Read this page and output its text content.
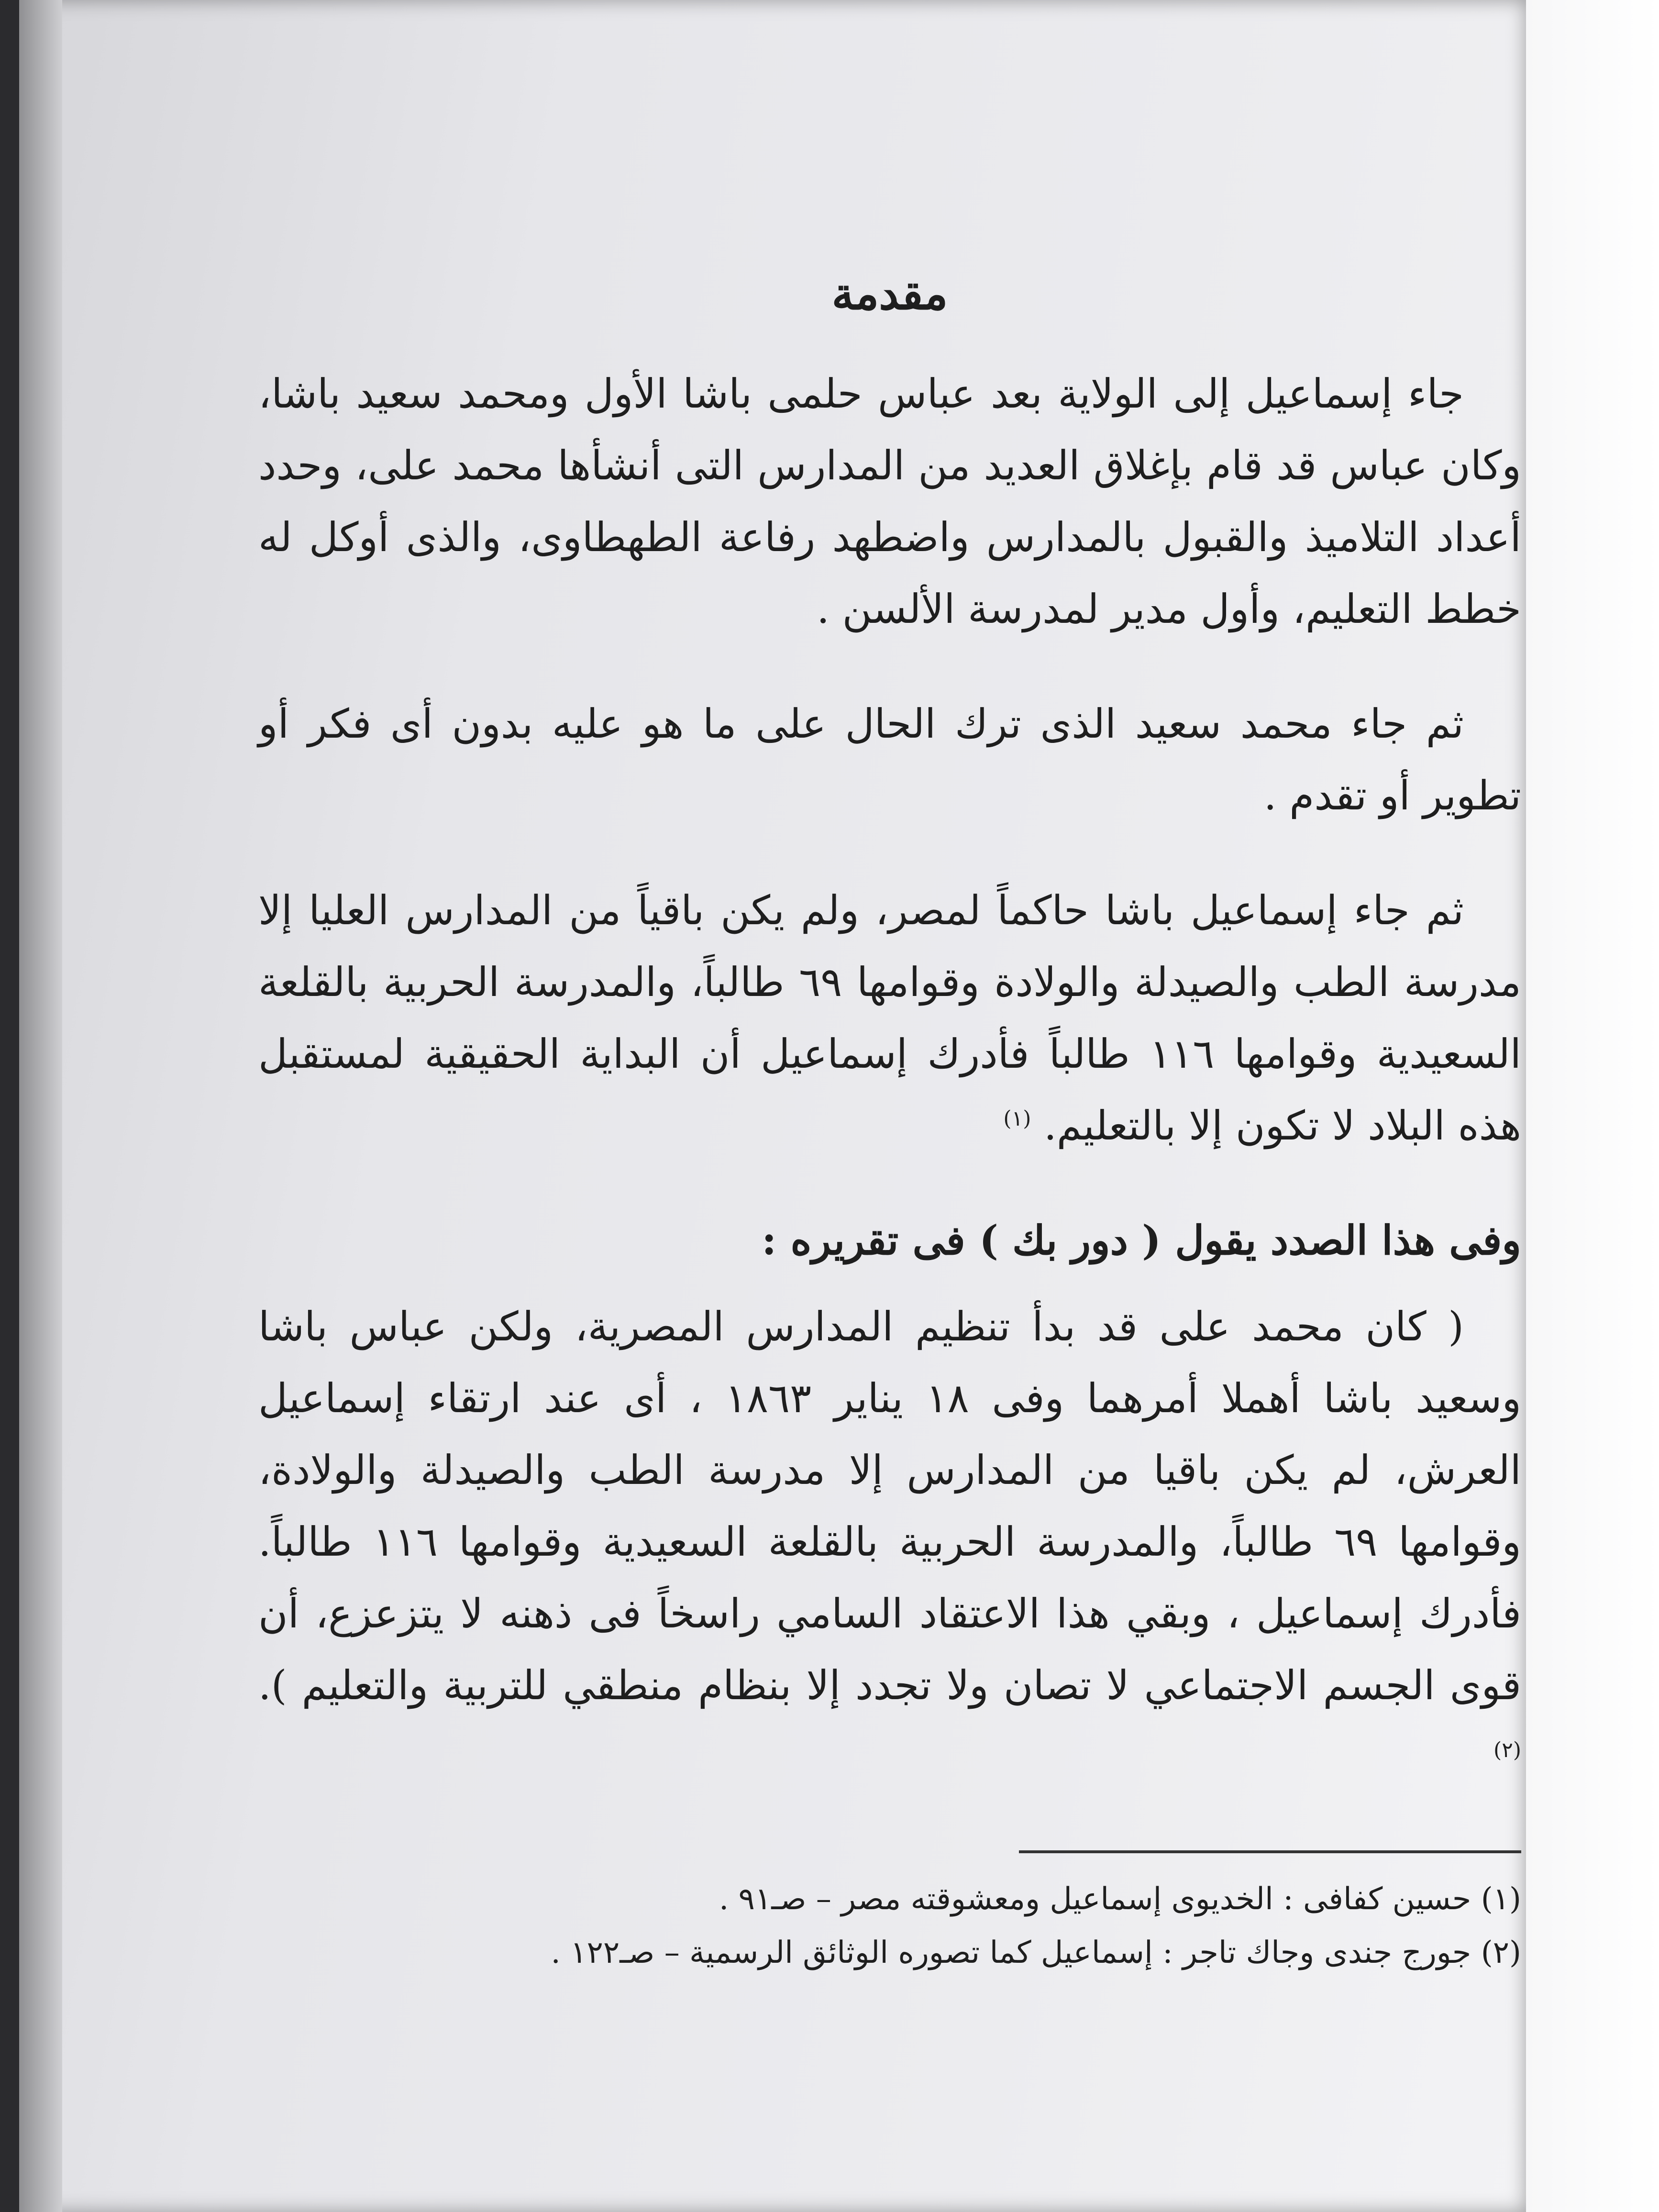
مقدمة

جاء إسماعيل إلى الولاية بعد عباس حلمى باشا الأول ومحمد سعيد باشا، وكان عباس قد قام بإغلاق العديد من المدارس التى أنشأها محمد على، وحدد أعداد التلاميذ والقبول بالمدارس واضطهد رفاعة الطهطاوى، والذى أوكل له خطط التعليم، وأول مدير لمدرسة الألسن .

ثم جاء محمد سعيد الذى ترك الحال على ما هو عليه بدون أى فكر أو تطوير أو تقدم .

ثم جاء إسماعيل باشا حاكماً لمصر، ولم يكن باقياً من المدارس العليا إلا مدرسة الطب والصيدلة والولادة وقوامها ٦٩ طالباً، والمدرسة الحربية بالقلعة السعيدية وقوامها ١١٦ طالباً فأدرك إسماعيل أن البداية الحقيقية لمستقبل هذه البلاد لا تكون إلا بالتعليم. $^{(١)}$

وفى هذا الصدد يقول ( دور بك ) فى تقريره :

( كان محمد على قد بدأ تنظيم المدارس المصرية، ولكن عباس باشا وسعيد باشا أهملا أمرهما وفى ١٨ يناير ١٨٦٣ ، أى عند ارتقاء إسماعيل العرش، لم يكن باقيا من المدارس إلا مدرسة الطب والصيدلة والولادة، وقوامها ٦٩ طالباً، والمدرسة الحربية بالقلعة السعيدية وقوامها ١١٦ طالباً. فأدرك إسماعيل ، وبقي هذا الاعتقاد السامي راسخاً فى ذهنه لا يتزعزع، أن قوى الجسم الاجتماعي لا تصان ولا تجدد إلا بنظام منطقي للتربية والتعليم ).$^{(٢)}$

(١) حسين كفافى : الخديوى إسماعيل ومعشوقته مصر – صـ٩١ .

(٢) جورج جندى وجاك تاجر : إسماعيل كما تصوره الوثائق الرسمية – صـ١٢٢ .
